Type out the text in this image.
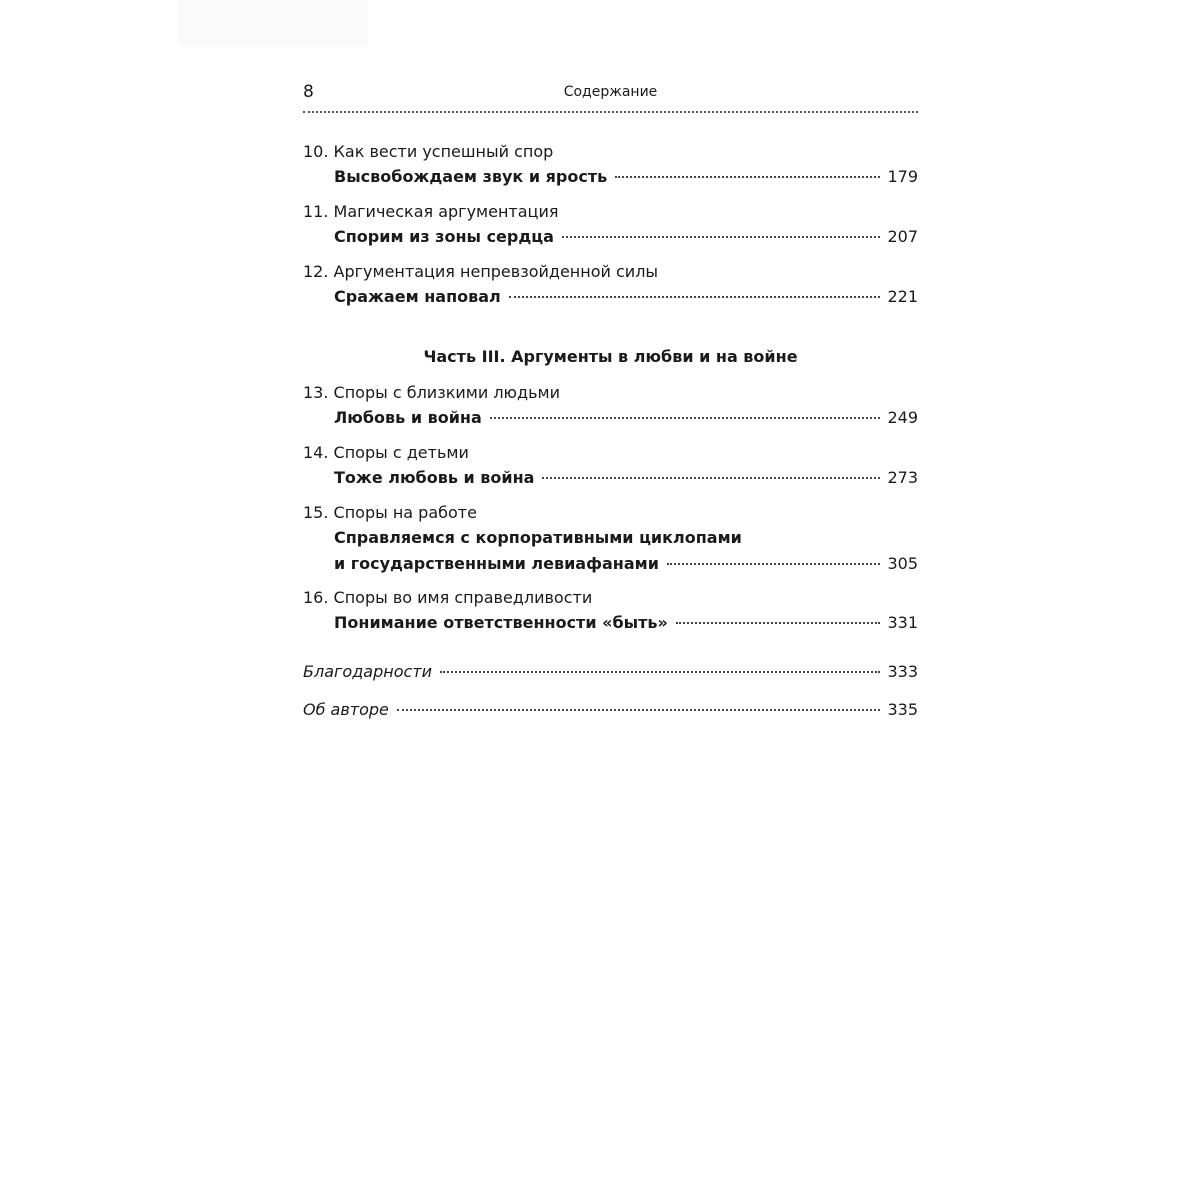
8	Содержание
10. Как вести успешный спор
Высвобождаем звук и ярость	179
11. Магическая аргументация
Спорим из зоны сердца	207
12. Аргументация непревзойденной силы
Сражаем наповал	221
Часть III. Аргументы в любви и на войне
13. Споры с близкими людьми
Любовь и война	249
14. Споры с детьми
Тоже любовь и война	273
15. Споры на работе
Справляемся с корпоративными циклопами
и государственными левиафанами	305
16. Споры во имя справедливости
Понимание ответственности «быть»	331
Благодарности	333
Об авторе	335
